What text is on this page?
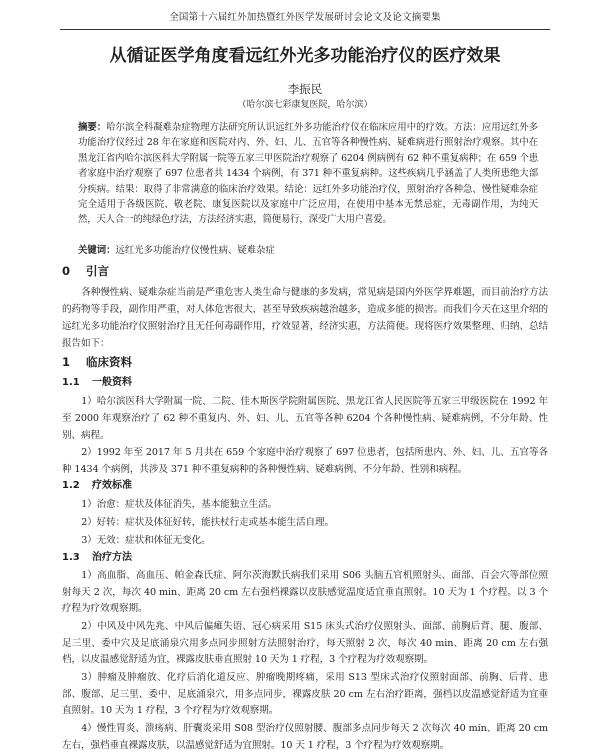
全国第十六届红外加热暨红外医学发展研讨会论文及论文摘要集
从循证医学角度看远红外光多功能治疗仪的医疗效果
李振民
（哈尔滨七彩康复医院，哈尔滨）
摘要：哈尔滨全科凝难杂症物理方法研究所认识远红外多功能治疗仪在临床应用中的疗效。方法：应用远红外多功能治疗仪经过 28 年在家庭和医院对内、外、妇、儿、五官等各种慢性病、疑难病进行照射治疗观察。其中在黑龙江省内哈尔滨医科大学附属一院等五家三甲医院治疗观察了 6204 例病例有 62 种不重复病种；在 659 个患者家庭中治疗观察了 697 位患者共 1434 个病例，有 371 种不重复病种。这些疾病几乎涵盖了人类所患绝大部分疾病。结果：取得了非常满意的临床治疗效果。结论：远红外多功能治疗仪，照射治疗各种急、慢性疑难杂症完全适用于各级医院、敬老院、康复医院以及家庭中广泛应用，在使用中基本无禁忌症，无毒副作用，为纯天然，天人合一的纯绿色疗法，方法经济实惠，简便易行，深受广大用户喜爱。
关键词：远红光多功能治疗仪慢性病、疑难杂症
0 引言

各种慢性病、疑难杂症当前是严重危害人类生命与健康的多发病，常见病是国内外医学界难题，而目前治疗方法的药物等手段，副作用严重，对人体危害很大，甚至导致疾病越治越多，造成多能的损害。而我们今天在这里介绍的远红光多功能治疗仪照射治疗且无任何毒副作用，疗效显著，经济实惠，方法简便。现将医疗效果整理、归纳、总结报告如下：

1 临床资料
1.1 一般资料

1）哈尔滨医科大学附属一院、二院、佳木斯医学院附属医院、黑龙江省人民医院等五家三甲级医院在 1992 年至 2000 年观察治疗了 62 种不重复内、外、妇、儿、五官等各种 6204 个各种慢性病、疑难病例，不分年龄、性别、病程。

2）1992 年至 2017 年 5 月共在 659 个家庭中治疗观察了 697 位患者，包括所患内、外、妇、儿、五官等各种 1434 个病例，共涉及 371 种不重复病种的各种慢性病、疑难病例、不分年龄、性别和病程。

1.2 疗效标准

1）治愈：症状及体征消失，基本能独立生活。

2）好转：症状及体征好转，能扶杖行走或基本能生活自理。

3）无效：症状和体征无变化。

1.3 治疗方法

1）高血脂、高血压、帕金森氏症、阿尔茨海默氏病我们采用 S06 头脑五官机照射头、面部、百会穴等部位照射每天 2 次，每次 40 min、距离 20 cm 左右强档裸露以皮肤感觉温度适宜垂直照射。10 天为 1 个疗程。以 3 个疗程为疗效观察期。

2）中风及中风先兆、中风后偏瘫失语、冠心病采用 S15 床头式治疗仪照射头、面部、前胸后背、腿、腹部、足三里、委中穴及足底涌泉穴用多点同步照射方法照射治疗，每天照射 2 次，每次 40 min、距离 20 cm 左右强档，以皮温感觉舒适为宜，裸露皮肤垂直照射 10 天为 1 疗程，3 个疗程为疗效观察期。

3）肿瘤及肿瘤放、化疗后消化道反应、肿瘤晚期疼痛，采用 S13 型床式治疗仪照射面部、前胸、后背、患部、腹部、足三里、委中、足底涌泉穴，用多点同步，裸露皮肤 20 cm 左右治疗距离，强档以皮温感觉舒适为宜垂直照射。10 天为 1 疗程，3 个疗程为疗效观察期。

4）慢性胃炎、溃疡病、肝囊炎采用 S08 型治疗仪照射腰、腹部多点同步每天 2 次每次 40 min、距离 20 cm 左右，强档垂直裸露皮肤，以温感觉舒适为宜照射。10 天 1 疗程，3 个疗程为疗效观察期。
